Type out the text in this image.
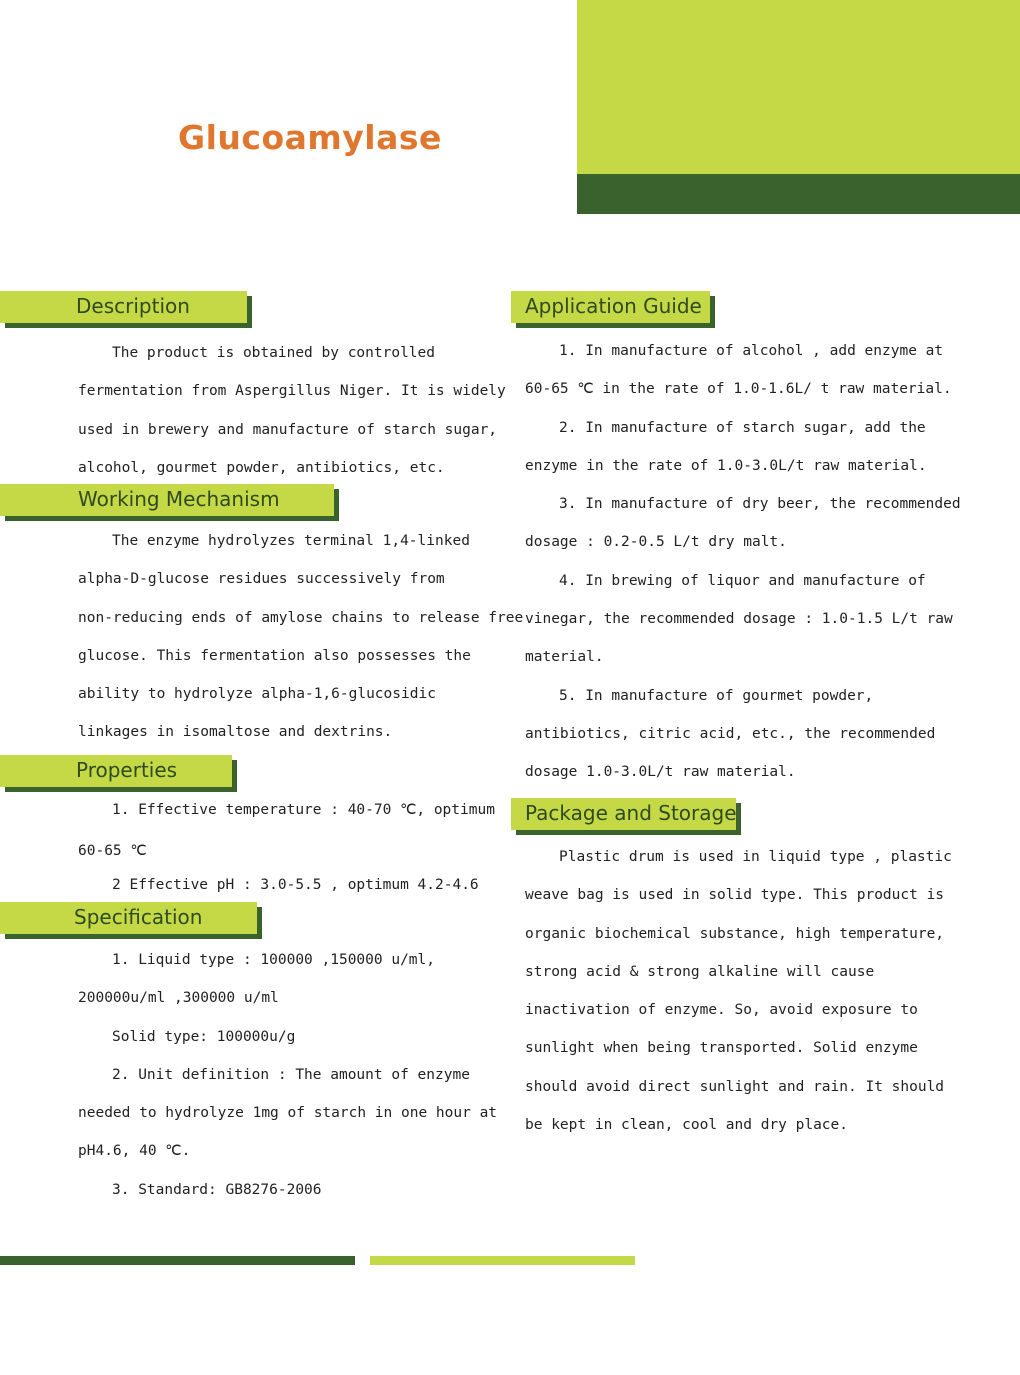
Glucoamylase
Description
The product is obtained by controlled
fermentation from Aspergillus Niger. It is widely
used in brewery and manufacture of starch sugar,
alcohol, gourmet powder, antibiotics, etc.
Working Mechanism
The enzyme hydrolyzes terminal 1,4-linked
alpha-D-glucose residues successively from
non-reducing ends of amylose chains to release free
glucose. This fermentation also possesses the
ability to hydrolyze alpha-1,6-glucosidic
linkages in isomaltose and dextrins.
Properties
1. Effective temperature : 40-70 ℃, optimum
60-65 ℃
2 Effective pH : 3.0-5.5 , optimum 4.2-4.6
Specification
1. Liquid type : 100000 ,150000 u/ml,
200000u/ml ,300000 u/ml
Solid type: 100000u/g
2. Unit definition : The amount of enzyme
needed to hydrolyze 1mg of starch in one hour at
pH4.6, 40 ℃.
3. Standard: GB8276-2006
Application Guide
1. In manufacture of alcohol , add enzyme at
60-65 ℃ in the rate of 1.0-1.6L/ t raw material.
2. In manufacture of starch sugar, add the
enzyme in the rate of 1.0-3.0L/t raw material.
3. In manufacture of dry beer, the recommended
dosage : 0.2-0.5 L/t dry malt.
4. In brewing of liquor and manufacture of
vinegar, the recommended dosage : 1.0-1.5 L/t raw
material.
5. In manufacture of gourmet powder,
antibiotics, citric acid, etc., the recommended
dosage 1.0-3.0L/t raw material.
Package and Storage
Plastic drum is used in liquid type , plastic
weave bag is used in solid type. This product is
organic biochemical substance, high temperature,
strong acid & strong alkaline will cause
inactivation of enzyme. So, avoid exposure to
sunlight when being transported. Solid enzyme
should avoid direct sunlight and rain. It should
be kept in clean, cool and dry place.
